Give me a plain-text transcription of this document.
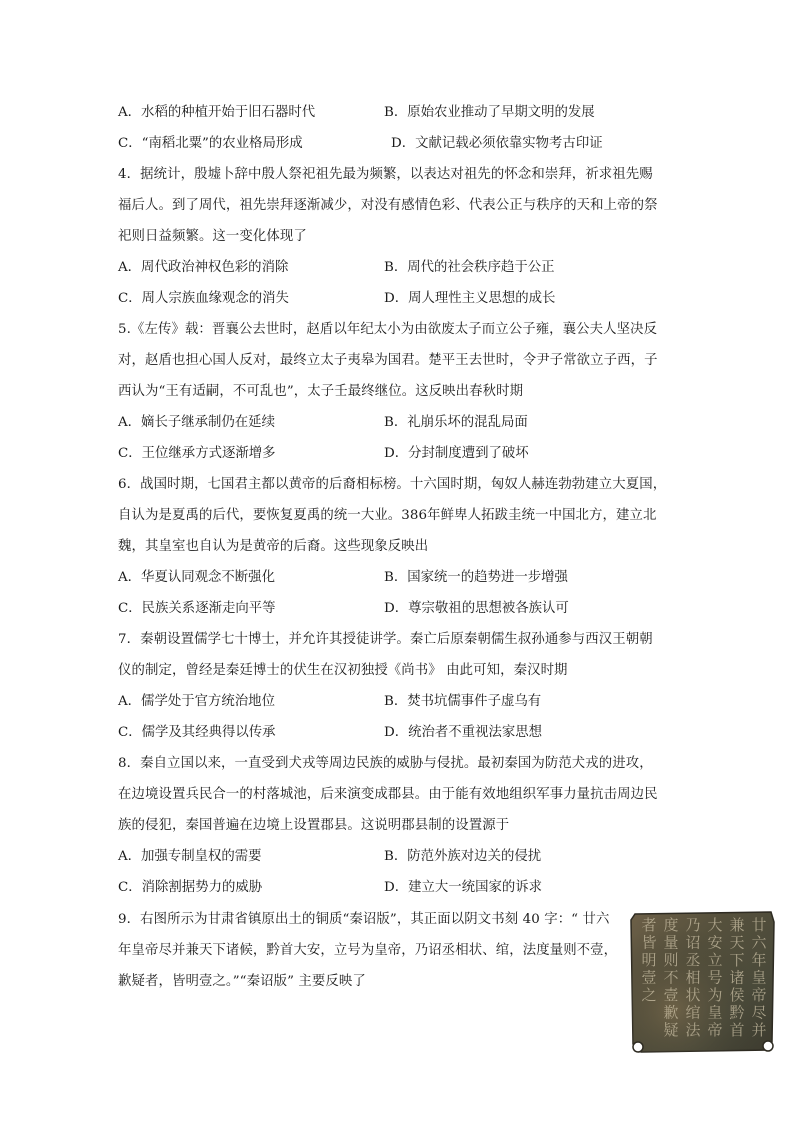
A．水稻的种植开始于旧石器时代	B．原始农业推动了早期文明的发展
C．“南稻北粟”的农业格局形成	D．文献记载必须依靠实物考古印证
4．据统计，殷墟卜辞中殷人祭祀祖先最为频繁，以表达对祖先的怀念和崇拜，祈求祖先赐
福后人。到了周代，祖先崇拜逐渐减少，对没有感情色彩、代表公正与秩序的天和上帝的祭
祀则日益频繁。这一变化体现了
A．周代政治神权色彩的消除	B．周代的社会秩序趋于公正
C．周人宗族血缘观念的消失	D．周人理性主义思想的成长
5.《左传》载：晋襄公去世时，赵盾以年纪太小为由欲废太子而立公子雍，襄公夫人坚决反
对，赵盾也担心国人反对，最终立太子夷皋为国君。楚平王去世时，令尹子常欲立子西，子
西认为“王有适嗣，不可乱也”，太子壬最终继位。这反映出春秋时期
A．嫡长子继承制仍在延续	B．礼崩乐坏的混乱局面
C．王位继承方式逐渐增多	D．分封制度遭到了破坏
6．战国时期，七国君主都以黄帝的后裔相标榜。十六国时期，匈奴人赫连勃勃建立大夏国，
自认为是夏禹的后代，要恢复夏禹的统一大业。386年鲜卑人拓跋圭统一中国北方，建立北
魏，其皇室也自认为是黄帝的后裔。这些现象反映出
A．华夏认同观念不断强化	B．国家统一的趋势进一步增强
C．民族关系逐渐走向平等	D．尊宗敬祖的思想被各族认可
7．秦朝设置儒学七十博士，并允许其授徒讲学。秦亡后原秦朝儒生叔孙通参与西汉王朝朝
仪的制定，曾经是秦廷博士的伏生在汉初独授《尚书》 由此可知，秦汉时期
A．儒学处于官方统治地位	B．焚书坑儒事件子虚乌有
C．儒学及其经典得以传承	D．统治者不重视法家思想
8．秦自立国以来，一直受到犬戎等周边民族的威胁与侵扰。最初秦国为防范犬戎的进攻，
在边境设置兵民合一的村落城池，后来演变成郡县。由于能有效地组织军事力量抗击周边民
族的侵犯，秦国普遍在边境上设置郡县。这说明郡县制的设置源于
A．加强专制皇权的需要	B．防范外族对边关的侵扰
C．消除割据势力的威胁	D．建立大一统国家的诉求
9．右图所示为甘肃省镇原出土的铜质“秦诏版”，其正面以阴文书刻 40 字：“ 廿六
年皇帝尽并兼天下诸候，黔首大安，立号为皇帝，乃诏丞相状、绾，法度量则不壹，
歉疑者，皆明壹之。”“秦诏版” 主要反映了
廿
六
年
皇
帝
尽
并
兼
天
下
诸
侯
黔
首
大
安
立
号
为
皇
帝
乃
诏
丞
相
状
绾
法
度
量
则
不
壹
歉
疑
者
皆
明
壹
之
